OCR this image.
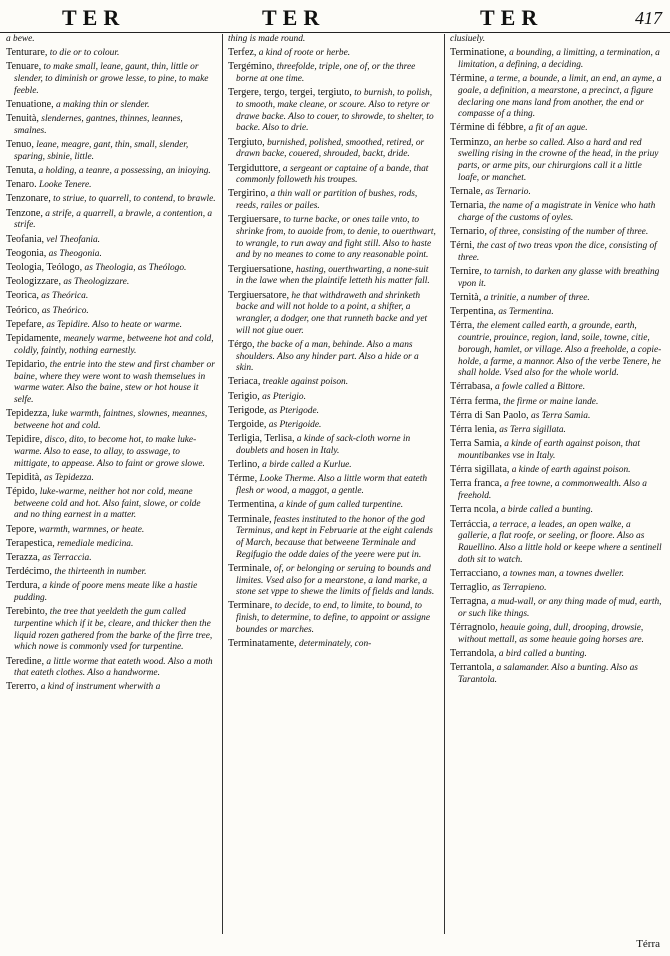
TER	TER	TER	417
a bewe.
Tenturare, to die or to colour.
Tenuare, to make small, leane, gaunt, thin, little or slender, to diminish or growe lesse, to pine, to make feeble.
Tenuatione, a making thin or slender.
Tenuità, slendernes, gantnes, thinnes, leannes, smalnes.
Tenuo, leane, meagre, gant, thin, small, slender, sparing, sbinie, little.
Tenuta, a holding, a teanre, a possessing, an inioying.
Tenaro. Looke Tenere.
Tenzonare, to striue, to quarrell, to contend, to brawle.
Tenzone, a strife, a quarrell, a brawle, a contention, a strife.
Teofania, vel Theofania.
Teogonia, as Theogonia.
Teologia, Teólogo, as Theologia, as Theólogo.
Teologizzare, as Theologizzare.
Teorica, as Theórica.
Teórico, as Theórico.
Tepefare, as Tepidire. Also to heate or warme.
Tepidamente, meanely warme, betweene hot and cold, coldly, faintly, nothing earnestly.
Tepidario, the entrie into the stew and first chamber or baine, where they were wont to wash themselues in warme water. Also the baine, stew or hot house it selfe.
Tepidezza, luke warmth, faintnes, slownes, meannes, betweene hot and cold.
Tepidire, disco, dito, to become hot, to make luke-warme. Also to ease, to allay, to asswage, to mittigate, to appease. Also to faint or growe slowe.
Tepidità, as Tepidezza.
Tépido, luke-warme, neither hot nor cold, meane betweene cold and hot. Also faint, slowe, or colde and no thing earnest in a matter.
Tepore, warmth, warmnes, or heate.
Terapestica, remediale medicina.
Terazza, as Terraccia.
Terdécimo, the thirteenth in number.
Terdura, a kinde of poore mens meate like a hastie pudding.
Terebinto, the tree that yeeldeth the gum called turpentine which if it be, cleare, and thicker then the liquid rozen gathered from the barke of the firre tree, which nowe is commonly vsed for turpentine.
Teredine, a little worme that eateth wood. Also a moth that eateth clothes. Also a handworme.
Tererro, a kind of instrument wherwith a
thing is made round.
Terfez, a kind of roote or herbe.
Tergémino, threefolde, triple, one of, or the three borne at one time.
Tergere, tergo, tergei, tergiuto, to burnish, to polish, to smooth, make cleane, or scoure. Also to retyre or drawe backe. Also to couer, to shrowde, to shelter, to backe. Also to drie.
Tergiuto, burnished, polished, smoothed, retired, or drawn backe, couered, shrouded, backt, dride.
Tergiduttore, a sergeant or captaine of a bande, that commonly followeth his troupes.
Tergirino, a thin wall or partition of bushes, rods, reeds, railes or pailes.
Tergiuersare, to turne backe, or ones taile vnto, to shrinke from, to auoide from, to denie, to ouerthwart, to wrangle, to run away and fight still. Also to haste and by no meanes to come to any reasonable point.
Tergiuersatione, hasting, ouerthwarting, a none-suit in the lawe when the plaintife letteth his matter fall.
Tergiuersatore, he that withdraweth and shrinketh backe and will not holde to a point, a shifter, a wrangler, a dodger, one that runneth backe and yet will not giue ouer.
Térgo, the backe of a man, behinde. Also a mans shoulders. Also any hinder part. Also a hide or a skin.
Teriaca, treakle against poison.
Terigio, as Pterigio.
Terigode, as Pterigode.
Tergoide, as Pterigoide.
Terligia, Terlisa, a kinde of sack-cloth worne in doublets and hosen in Italy.
Terlino, a birde called a Kurlue.
Térme, Looke Therme. Also a little worm that eateth flesh or wood, a maggot, a gentle.
Termentina, a kinde of gum called turpentine.
Terminale, feastes instituted to the honor of the god Terminus, and kept in Februarie at the eight calends of March, because that betweene Terminale and Regifugio the odde daies of the yeere were put in.
Terminale, of, or belonging or seruing to bounds and limites. Vsed also for a mearstone, a land marke, a stone set vppe to shewe the limits of fields and lands.
Terminare, to decide, to end, to limite, to bound, to finish, to determine, to define, to appoint or assigne boundes or marches.
Terminatamente, determinately, con-
clusiuely.
Terminatione, a bounding, a limitting, a termination, a limitation, a defining, a deciding.
Términe, a terme, a bounde, a limit, an end, an ayme, a goale, a definition, a mearstone, a precinct, a figure declaring one mans land from another, the end or compasse of a thing.
Términe di fébbre, a fit of an ague.
Terminzo, an herbe so called. Also a hard and red swelling rising in the crowne of the head, in the priuy parts, or arme pits, our chirurgions call it a little loafe, or manchet.
Ternale, as Ternario.
Ternaria, the name of a magistrate in Venice who hath charge of the customs of oyles.
Ternario, of three, consisting of the number of three.
Térni, the cast of two treas vpon the dice, consisting of three.
Ternire, to tarnish, to darken any glasse with breathing vpon it.
Ternità, a trinitie, a number of three.
Terpentina, as Termentina.
Térra, the element called earth, a grounde, earth, countrie, prouince, region, land, soile, towne, citie, borough, hamlet, or village. Also a freeholde, a copie-holde, a farme, a mannor. Also of the verbe Tenere, he shall holde. Vsed also for the whole world.
Térrabasa, a fowle called a Bittore.
Térra ferma, the firme or maine lande.
Térra di San Paolo, as Terra Samia.
Térra lenia, as Terra sigillata.
Terra Samia, a kinde of earth against poison, that mountibankes vse in Italy.
Térra sigillata, a kinde of earth against poison.
Terra franca, a free towne, a commonwealth. Also a freehold.
Terra ncola, a birde called a bunting.
Terráccia, a terrace, a leades, an open walke, a gallerie, a flat roofe, or seeling, or floore. Also as Rauellino. Also a little hold or keepe where a sentinell doth sit to watch.
Terracciano, a townes man, a townes dweller.
Terraglio, as Terrapieno.
Terragna, a mud-wall, or any thing made of mud, earth, or such like things.
Térragnolo, heauie going, dull, drooping, drowsie, without mettall, as some heauie going horses are.
Terrandola, a bird called a bunting.
Terrantola, a salamander. Also a bunting. Also as Tarantola.
Térra
